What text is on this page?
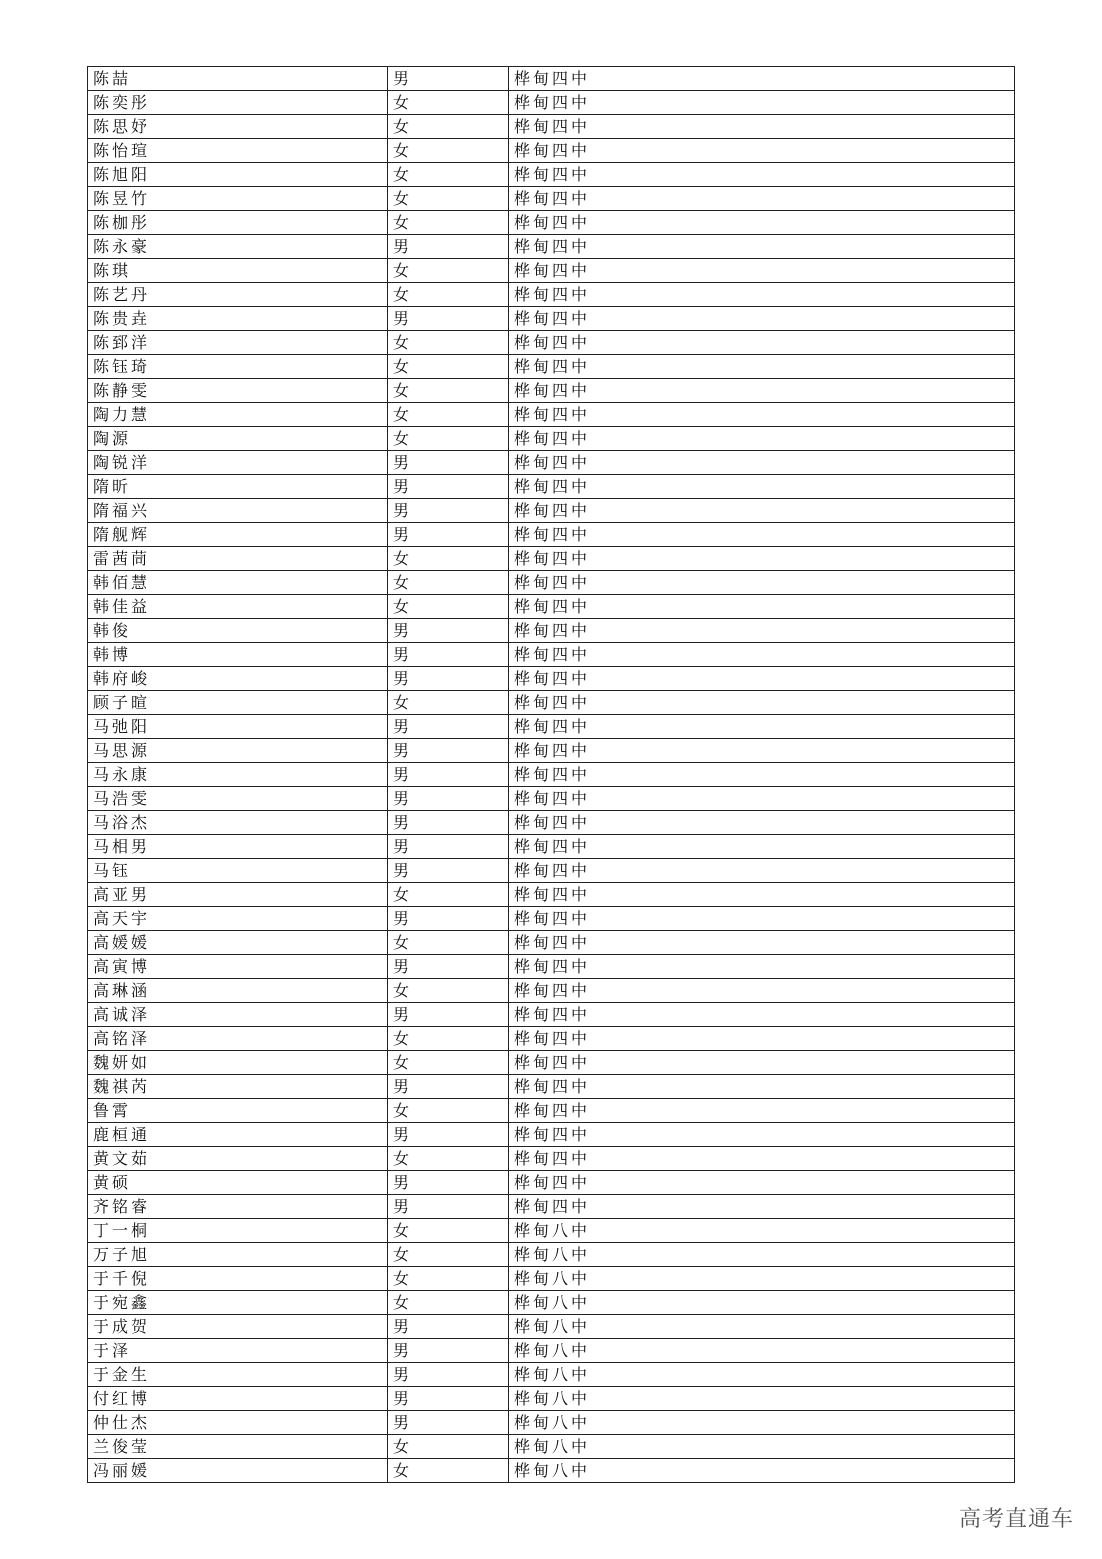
陈喆	男	桦甸四中
陈奕彤	女	桦甸四中
陈思妤	女	桦甸四中
陈怡瑄	女	桦甸四中
陈旭阳	女	桦甸四中
陈昱竹	女	桦甸四中
陈枷彤	女	桦甸四中
陈永豪	男	桦甸四中
陈琪	女	桦甸四中
陈艺丹	女	桦甸四中
陈贵垚	男	桦甸四中
陈郅洋	女	桦甸四中
陈钰琦	女	桦甸四中
陈静雯	女	桦甸四中
陶力慧	女	桦甸四中
陶源	女	桦甸四中
陶锐洋	男	桦甸四中
隋昕	男	桦甸四中
隋福兴	男	桦甸四中
隋舰辉	男	桦甸四中
雷茜茼	女	桦甸四中
韩佰慧	女	桦甸四中
韩佳益	女	桦甸四中
韩俊	男	桦甸四中
韩博	男	桦甸四中
韩府峻	男	桦甸四中
顾子暄	女	桦甸四中
马弛阳	男	桦甸四中
马思源	男	桦甸四中
马永康	男	桦甸四中
马浩雯	男	桦甸四中
马浴杰	男	桦甸四中
马相男	男	桦甸四中
马钰	男	桦甸四中
高亚男	女	桦甸四中
高天宇	男	桦甸四中
高媛媛	女	桦甸四中
高寅博	男	桦甸四中
高琳涵	女	桦甸四中
高诚泽	男	桦甸四中
高铭泽	女	桦甸四中
魏妍如	女	桦甸四中
魏祺芮	男	桦甸四中
鲁霄	女	桦甸四中
鹿桓通	男	桦甸四中
黄文茹	女	桦甸四中
黄硕	男	桦甸四中
齐铭睿	男	桦甸四中
丁一桐	女	桦甸八中
万子旭	女	桦甸八中
于千倪	女	桦甸八中
于宛鑫	女	桦甸八中
于成贺	男	桦甸八中
于泽	男	桦甸八中
于金生	男	桦甸八中
付红博	男	桦甸八中
仲仕杰	男	桦甸八中
兰俊莹	女	桦甸八中
冯丽媛	女	桦甸八中
高考直通车
